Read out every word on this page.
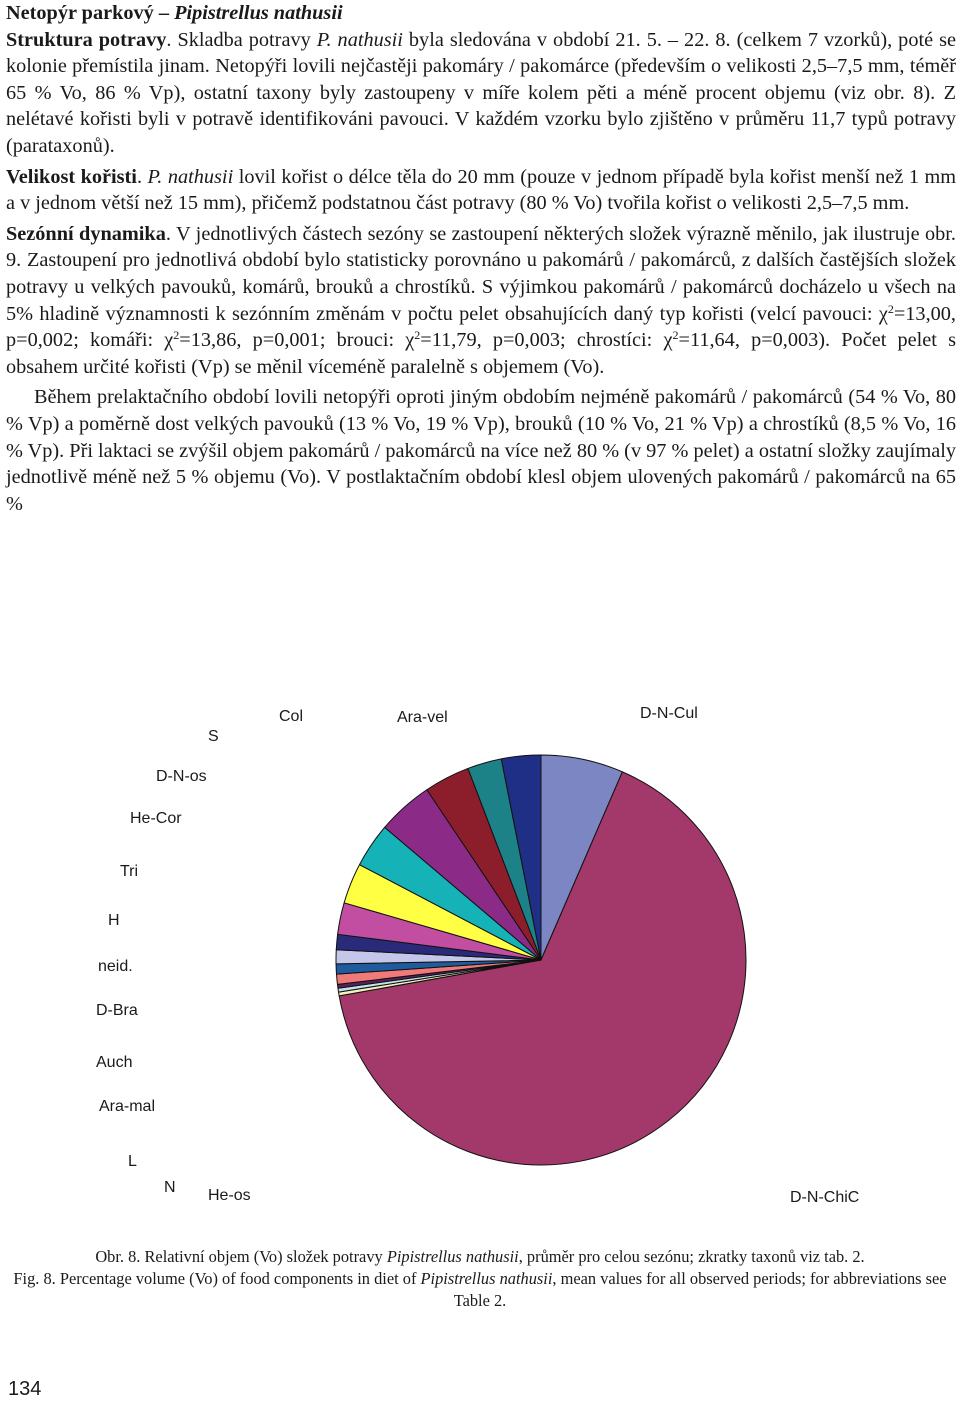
Netopýr parkový – Pipistrellus nathusii

Struktura potravy. Skladba potravy P. nathusii byla sledována v období 21. 5. – 22. 8. (celkem 7 vzorků), poté se kolonie přemístila jinam. Netopýři lovili nejčastěji pakomáry / pakomárce (především o velikosti 2,5–7,5 mm, téměř 65 % Vo, 86 % Vp), ostatní taxony byly zastoupeny v míře kolem pěti a méně procent objemu (viz obr. 8). Z nelétavé kořisti byli v potravě identifikováni pavouci. V každém vzorku bylo zjištěno v průměru 11,7 typů potravy (parataxonů).

Velikost kořisti. P. nathusii lovil kořist o délce těla do 20 mm (pouze v jednom případě byla kořist menší než 1 mm a v jednom větší než 15 mm), přičemž podstatnou část potravy (80 % Vo) tvořila kořist o velikosti 2,5–7,5 mm.

Sezónní dynamika. V jednotlivých částech sezóny se zastoupení některých složek výrazně měnilo, jak ilustruje obr. 9. Zastoupení pro jednotlivá období bylo statisticky porovnáno u pakomárů / pakomárců, z dalších častějších složek potravy u velkých pavouků, komárů, brouků a chrostíků. S výjimkou pakomárů / pakomárců docházelo u všech na 5% hladině významnosti k sezónním změnám v počtu pelet obsahujících daný typ kořisti (velcí pavouci: $\chi^2=13,00$, p=0,002; komáři: $\chi^2=13,86$, p=0,001; brouci: $\chi^2=11,79$, p=0,003; chrostíci: $\chi^2=11,64$, p=0,003). Počet pelet s obsahem určité kořisti (Vp) se měnil víceméně paralelně s objemem (Vo).

Během prelaktačního období lovili netopýři oproti jiným obdobím nejméně pakomárů / pakomárců (54 % Vo, 80 % Vp) a poměrně dost velkých pavouků (13 % Vo, 19 % Vp), brouků (10 % Vo, 21 % Vp) a chrostíků (8,5 % Vo, 16 % Vp). Při laktaci se zvýšil objem pakomárů / pakomárců na více než 80 % (v 97 % pelet) a ostatní složky zaujímaly jednotlivě méně než 5 % objemu (Vo). V postlaktačním období klesl objem ulovených pakomárů / pakomárců na 65 %

D-N-Cul
D-N-ChiC
He-os
N
L
Ara-mal
Auch
D-Bra
neid.
H
Tri
He-Cor
D-N-os
S
Col	Ara-vel

Obr. 8. Relativní objem (Vo) složek potravy Pipistrellus nathusii, průměr pro celou sezónu; zkratky taxonů viz tab. 2.

Fig. 8. Percentage volume (Vo) of food components in diet of Pipistrellus nathusii, mean values for all observed periods; for abbreviations see Table 2.

134
